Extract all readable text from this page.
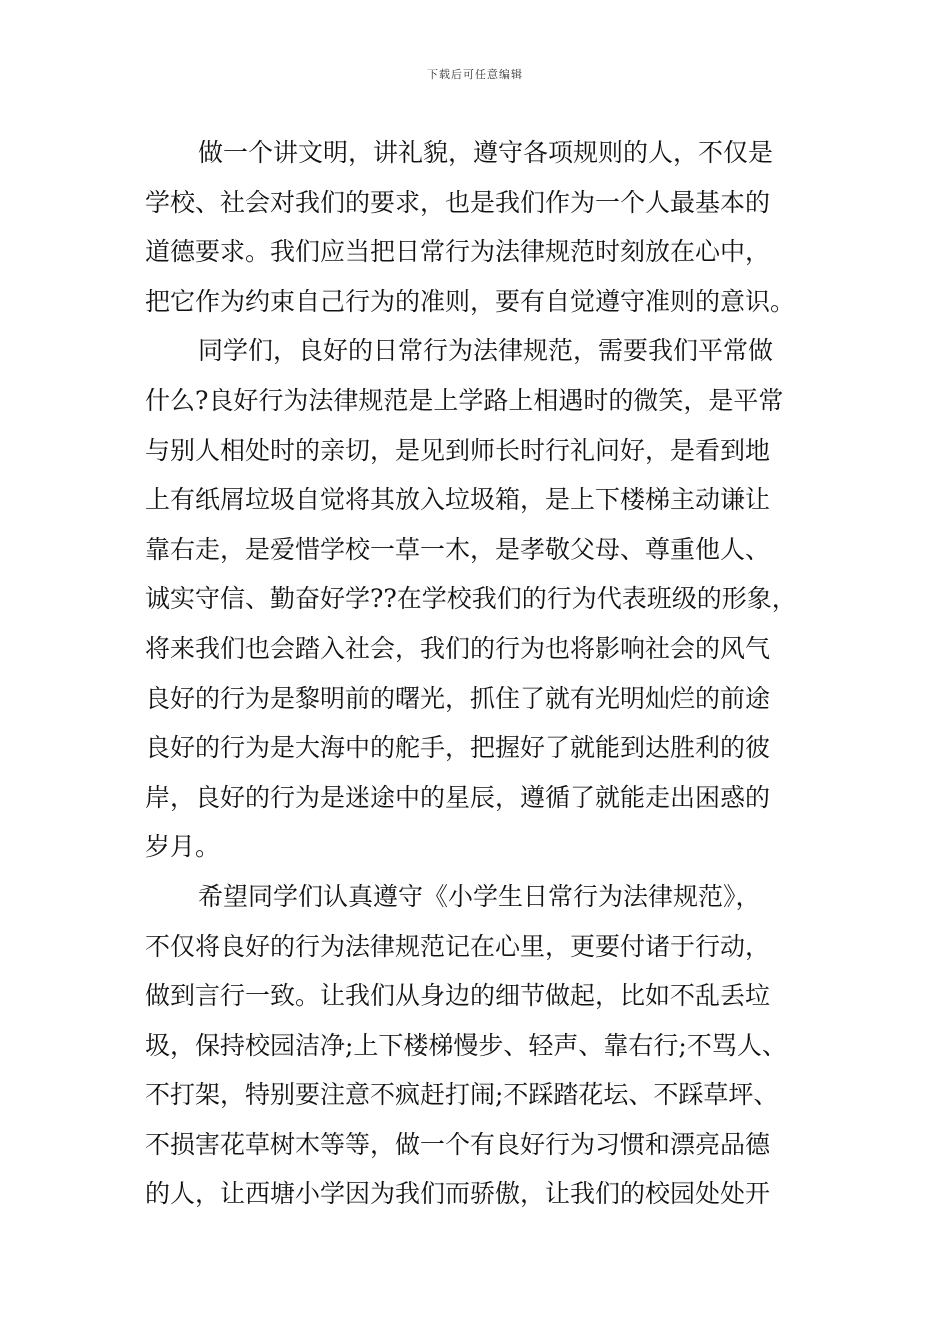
下载后可任意编辑
做一个讲文明，讲礼貌，遵守各项规则的人，不仅是
学校、社会对我们的要求，也是我们作为一个人最基本的
道德要求。我们应当把日常行为法律规范时刻放在心中，
把它作为约束自己行为的准则，要有自觉遵守准则的意识。
同学们，良好的日常行为法律规范，需要我们平常做
什么?良好行为法律规范是上学路上相遇时的微笑，是平常
与别人相处时的亲切，是见到师长时行礼问好，是看到地
上有纸屑垃圾自觉将其放入垃圾箱，是上下楼梯主动谦让
靠右走，是爱惜学校一草一木，是孝敬父母、尊重他人、
诚实守信、勤奋好学??在学校我们的行为代表班级的形象，
将来我们也会踏入社会，我们的行为也将影响社会的风气
良好的行为是黎明前的曙光，抓住了就有光明灿烂的前途
良好的行为是大海中的舵手，把握好了就能到达胜利的彼
岸，良好的行为是迷途中的星辰，遵循了就能走出困惑的
岁月。
希望同学们认真遵守《小学生日常行为法律规范》，
不仅将良好的行为法律规范记在心里，更要付诸于行动，
做到言行一致。让我们从身边的细节做起，比如不乱丢垃
圾，保持校园洁净;上下楼梯慢步、轻声、靠右行;不骂人、
不打架，特别要注意不疯赶打闹;不踩踏花坛、不踩草坪、
不损害花草树木等等，做一个有良好行为习惯和漂亮品德
的人，让西塘小学因为我们而骄傲，让我们的校园处处开
